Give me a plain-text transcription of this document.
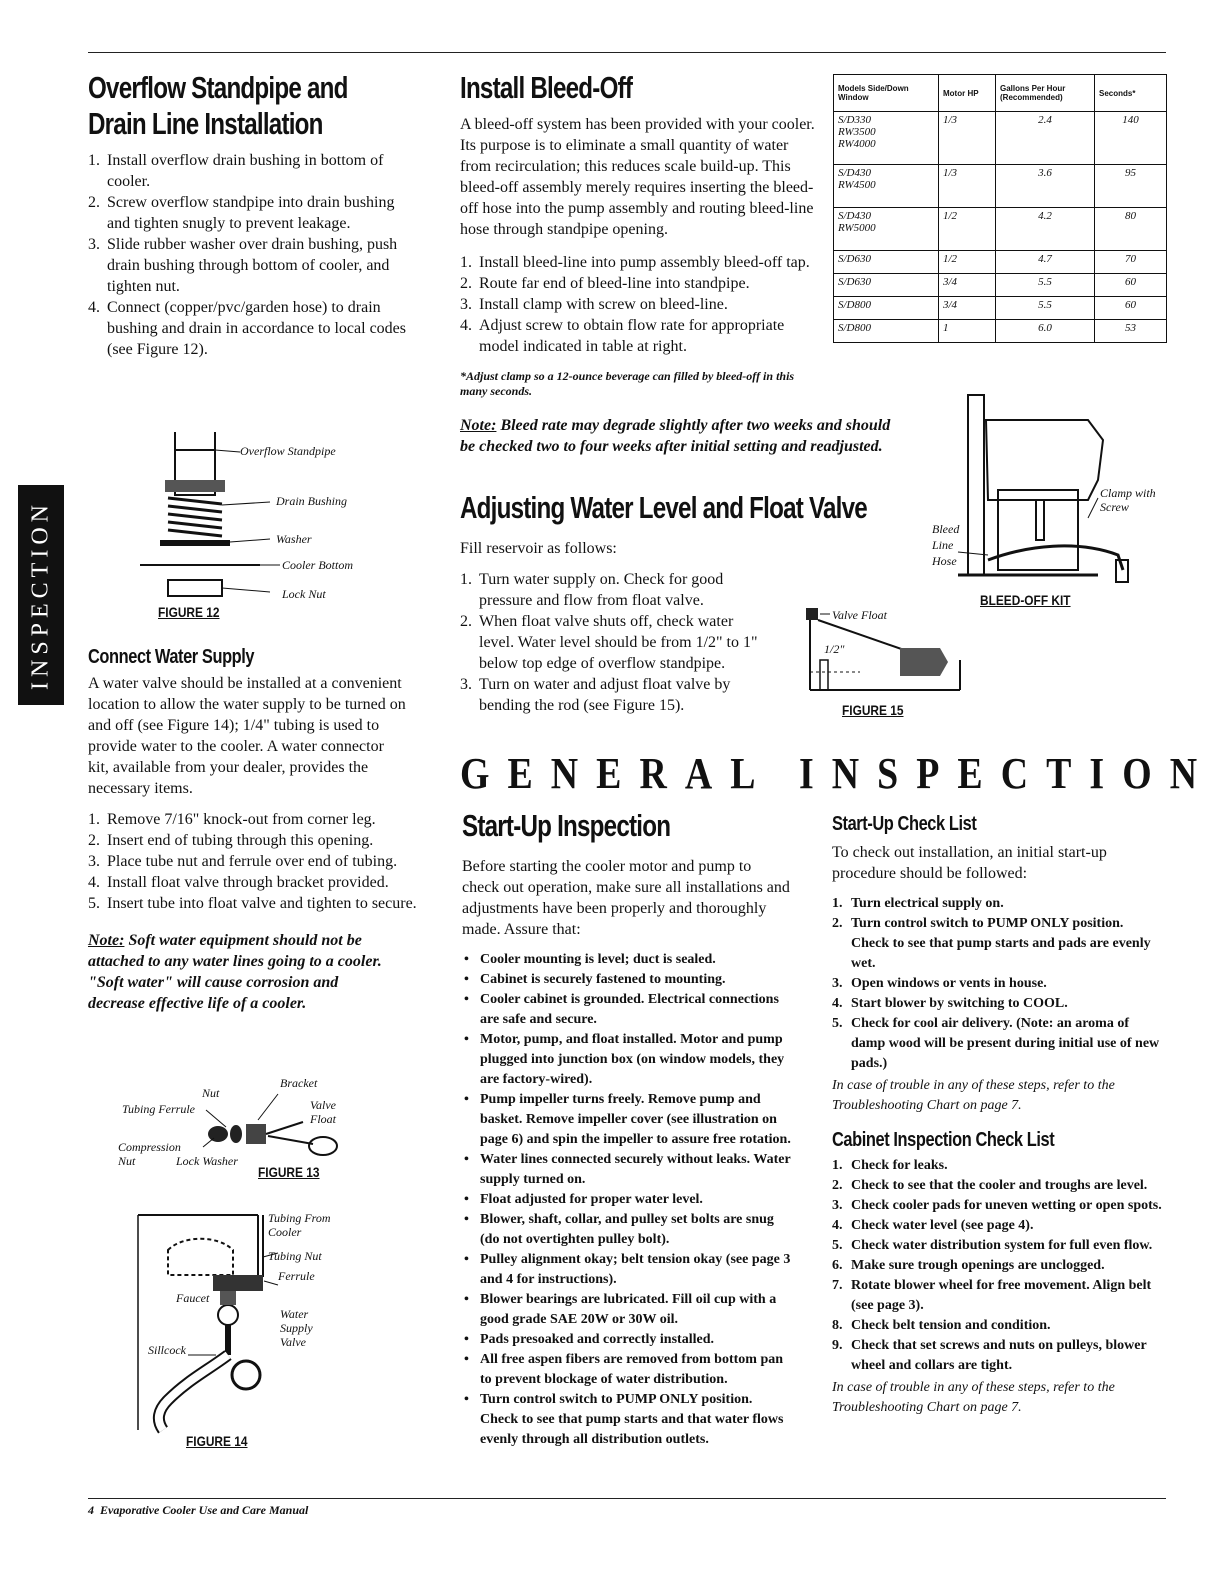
INSPECTION
Overflow Standpipe and
Drain Line Installation
1. Install overflow drain bushing in bottom of cooler.
2. Screw overflow standpipe into drain bushing and tighten snugly to prevent leakage.
3. Slide rubber washer over drain bushing, push drain bushing through bottom of cooler, and tighten nut.
4. Connect (copper/pvc/garden hose) to drain bushing and drain in accordance to local codes (see Figure 12).
Overflow Standpipe
Drain Bushing
Washer
Cooler Bottom
Lock Nut
FIGURE 12
Connect Water Supply

A water valve should be installed at a convenient location to allow the water supply to be turned on and off (see Figure 14); 1/4" tubing is used to provide water to the cooler. A water connector kit, available from your dealer, provides the necessary items.

1. Remove 7/16" knock-out from corner leg.
2. Insert end of tubing through this opening.
3. Place tube nut and ferrule over end of tubing.
4. Install float valve through bracket provided.
5. Insert tube into float valve and tighten to secure.

Note: Soft water equipment should not be attached to any water lines going to a cooler. "Soft water" will cause corrosion and decrease effective life of a cooler.

Bracket
Nut
Tubing Ferrule	Valve
Float
Compression
Nut	Lock Washer
FIGURE 13
Tubing From
Cooler
Tubing Nut
Ferrule
Faucet
Water
Sillcock
Supply
Valve
FIGURE 14
Install Bleed-Off

A bleed-off system has been provided with your cooler. Its purpose is to eliminate a small quantity of water from recirculation; this reduces scale build-up. This bleed-off assembly merely requires inserting the bleed-off hose into the pump assembly and routing bleed-line hose through standpipe opening.

1. Install bleed-line into pump assembly bleed-off tap.
2. Route far end of bleed-line into standpipe.
3. Install clamp with screw on bleed-line.
4. Adjust screw to obtain flow rate for appropriate model indicated in table at right.

*Adjust clamp so a 12-ounce beverage can filled by bleed-off in this many seconds.

Note: Bleed rate may degrade slightly after two weeks and should be checked two to four weeks after initial setting and readjusted.

Models Side/Down Window	Motor HP	Gallons Per Hour (Recommended)	Seconds*
S/D330
RW3500
RW4000	1/3	2.4	140
S/D430
RW4500	1/3	3.6	95
S/D430
RW5000	1/2	4.2	80
S/D630	1/2	4.7	70
S/D630	3/4	5.5	60
S/D800	3/4	5.5	60
S/D800	1	6.0	53
Clamp with
Screw
Bleed
Line
Hose
BLEED-OFF KIT
Adjusting Water Level and Float Valve

Fill reservoir as follows:

1. Turn water supply on. Check for good pressure and flow from float valve.
2. When float valve shuts off, check water level. Water level should be from 1/2" to 1" below top edge of overflow standpipe.
3. Turn on water and adjust float valve by bending the rod (see Figure 15).
Valve Float
1/2"
FIGURE 15
GENERAL INSPECTION
Start-Up Inspection

Before starting the cooler motor and pump to check out operation, make sure all installations and adjustments have been properly and thoroughly made. Assure that:

• Cooler mounting is level; duct is sealed.
• Cabinet is securely fastened to mounting.
• Cooler cabinet is grounded. Electrical connections are safe and secure.
• Motor, pump, and float installed. Motor and pump plugged into junction box (on window models, they are factory-wired).
• Pump impeller turns freely. Remove pump and basket. Remove impeller cover (see illustration on page 6) and spin the impeller to assure free rotation.
• Water lines connected securely without leaks. Water supply turned on.
• Float adjusted for proper water level.
• Blower, shaft, collar, and pulley set bolts are snug (do not overtighten pulley bolt).
• Pulley alignment okay; belt tension okay (see page 3 and 4 for instructions).
• Blower bearings are lubricated. Fill oil cup with a good grade SAE 20W or 30W oil.
• Pads presoaked and correctly installed.
• All free aspen fibers are removed from bottom pan to prevent blockage of water distribution.
• Turn control switch to PUMP ONLY position. Check to see that pump starts and that water flows evenly through all distribution outlets.
Start-Up Check List

To check out installation, an initial start-up procedure should be followed:

1. Turn electrical supply on.
2. Turn control switch to PUMP ONLY position. Check to see that pump starts and pads are evenly wet.
3. Open windows or vents in house.
4. Start blower by switching to COOL.
5. Check for cool air delivery. (Note: an aroma of damp wood will be present during initial use of new pads.)

In case of trouble in any of these steps, refer to the Troubleshooting Chart on page 7.

Cabinet Inspection Check List
1. Check for leaks.
2. Check to see that the cooler and troughs are level.
3. Check cooler pads for uneven wetting or open spots.
4. Check water level (see page 4).
5. Check water distribution system for full even flow.
6. Make sure trough openings are unclogged.
7. Rotate blower wheel for free movement. Align belt (see page 3).
8. Check belt tension and condition.
9. Check that set screws and nuts on pulleys, blower wheel and collars are tight.

In case of trouble in any of these steps, refer to the Troubleshooting Chart on page 7.

4  Evaporative Cooler Use and Care Manual
